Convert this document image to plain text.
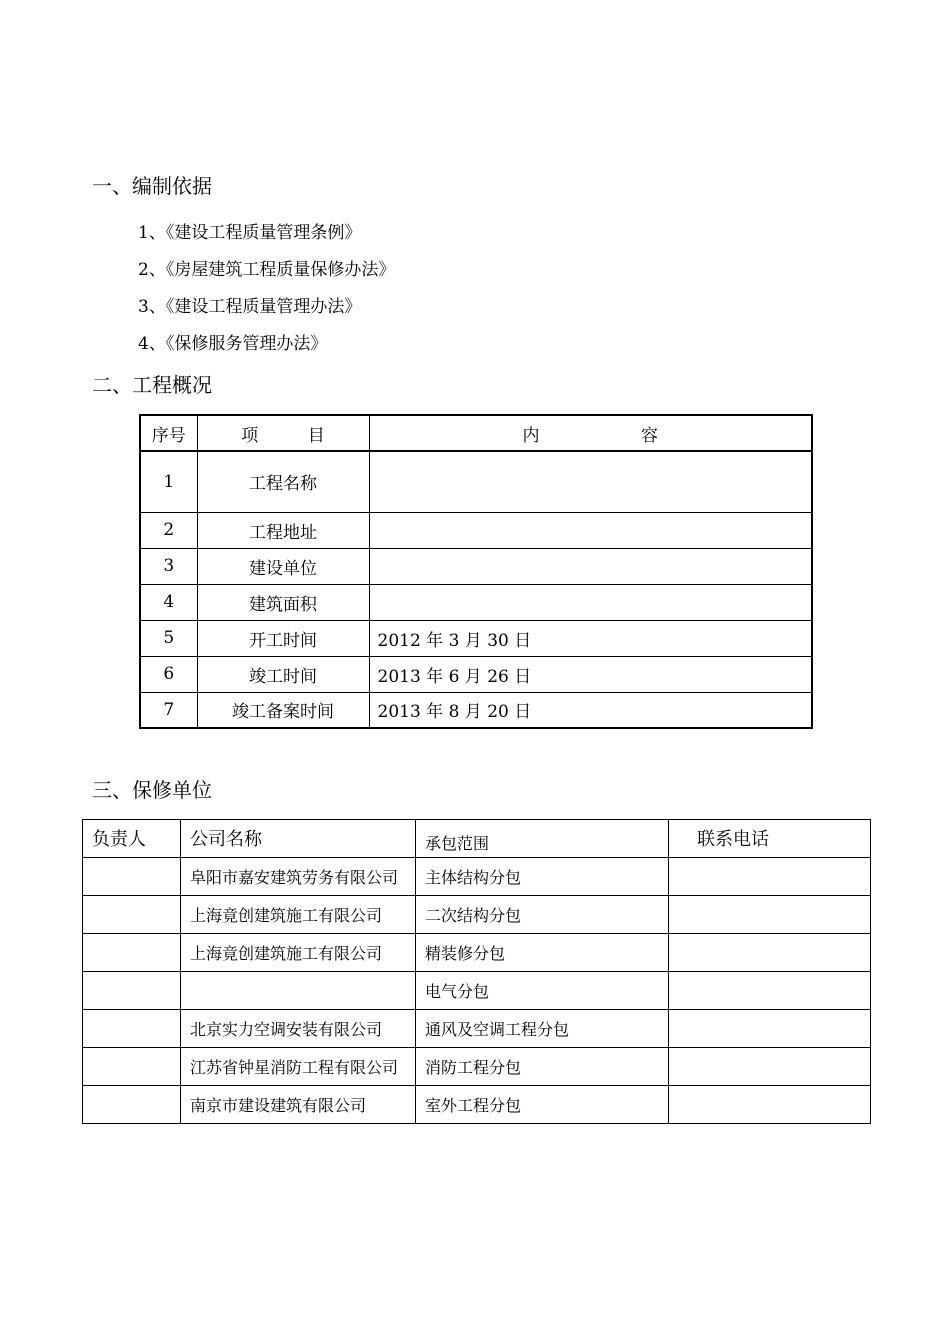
一、编制依据
1、《建设工程质量管理条例》
2、《房屋建筑工程质量保修办法》
3、《建设工程质量管理办法》
4、《保修服务管理办法》
二、工程概况
序号	项 目	内 容
1	工程名称	
2	工程地址	
3	建设单位	
4	建筑面积	
5	开工时间	2012 年 3 月 30 日
6	竣工时间	2013 年 6 月 26 日
7	竣工备案时间	2013 年 8 月 20 日
三、保修单位
负责人	公司名称	承包范围	联系电话
	阜阳市嘉安建筑劳务有限公司	主体结构分包	
	上海竟创建筑施工有限公司	二次结构分包	
	上海竟创建筑施工有限公司	精装修分包	
		电气分包	
	北京实力空调安装有限公司	通风及空调工程分包	
	江苏省钟星消防工程有限公司	消防工程分包	
	南京市建设建筑有限公司	室外工程分包	
